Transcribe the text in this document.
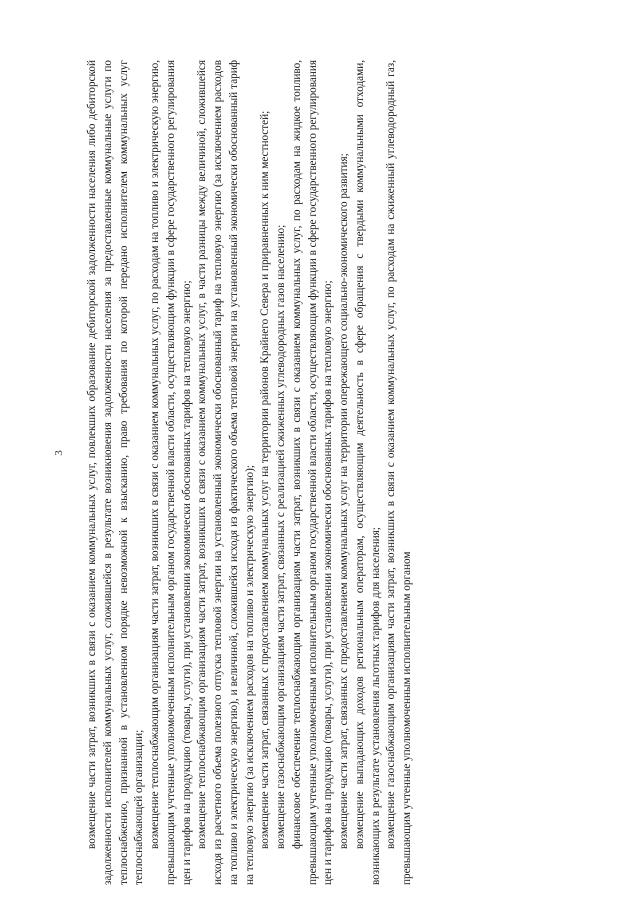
3 возмещение части затрат, возникших в связи с оказанием коммунальных услуг, повлекших образование дебиторской задолженности населения либо дебиторской задолженности исполнителей коммунальных услуг, сложившейся в результате возникновения задолженности населения за предоставленные коммунальные услуги по теплоснабжению, признанной в установленном порядке невозможной к взысканию, право требования по которой передано исполнителем коммунальных услуг теплоснабжающей организации; возмещение теплоснабжающим организациям части затрат, возникших в связи с оказанием коммунальных услуг, по расходам на топливо и электрическую энергию, превышающим учтенные уполномоченным исполнительным органом государственной власти области, осуществляющим функции в сфере государственного регулирования цен и тарифов на продукцию (товары, услуги), при установлении экономически обоснованных тарифов на тепловую энергию; возмещение теплоснабжающим организациям части затрат, возникших в связи с оказанием коммунальных услуг, в части разницы между величиной, сложившейся исходя из расчетного объема полезного отпуска тепловой энергии на установленный экономически обоснованный тариф на тепловую энергию (за исключением расходов на топливо и электрическую энергию), и величиной, сложившейся исходя из фактического объема тепловой энергии на установленный экономически обоснованный тариф на тепловую энергию (за исключением расходов на топливо и электрическую энергию); возмещение части затрат, связанных с предоставлением коммунальных услуг на территории районов Крайнего Севера и приравненных к ним местностей; возмещение газоснабжающим организациям части затрат, связанных с реализацией сжиженных углеводородных газов населению; финансовое обеспечение теплоснабжающим организациям части затрат, возникших в связи с оказанием коммунальных услуг, по расходам на жидкое топливо, превышающим учтенные уполномоченным исполнительным органом государственной власти области, осуществляющим функции в сфере государственного регулирования цен и тарифов на продукцию (товары, услуги), при установлении экономически обоснованных тарифов на тепловую энергию; возмещение части затрат, связанных с предоставлением коммунальных услуг на территории опережающего социально-экономического развития; возмещение выпадающих доходов региональным операторам, осуществляющим деятельность в сфере обращения с твердыми коммунальными отходами, возникающих в результате установления льготных тарифов для населения; возмещение газоснабжающим организациям части затрат, возникших в связи с оказанием коммунальных услуг, по расходам на сжиженный углеводородный газ, превышающим учтенные уполномоченным исполнительным органом
